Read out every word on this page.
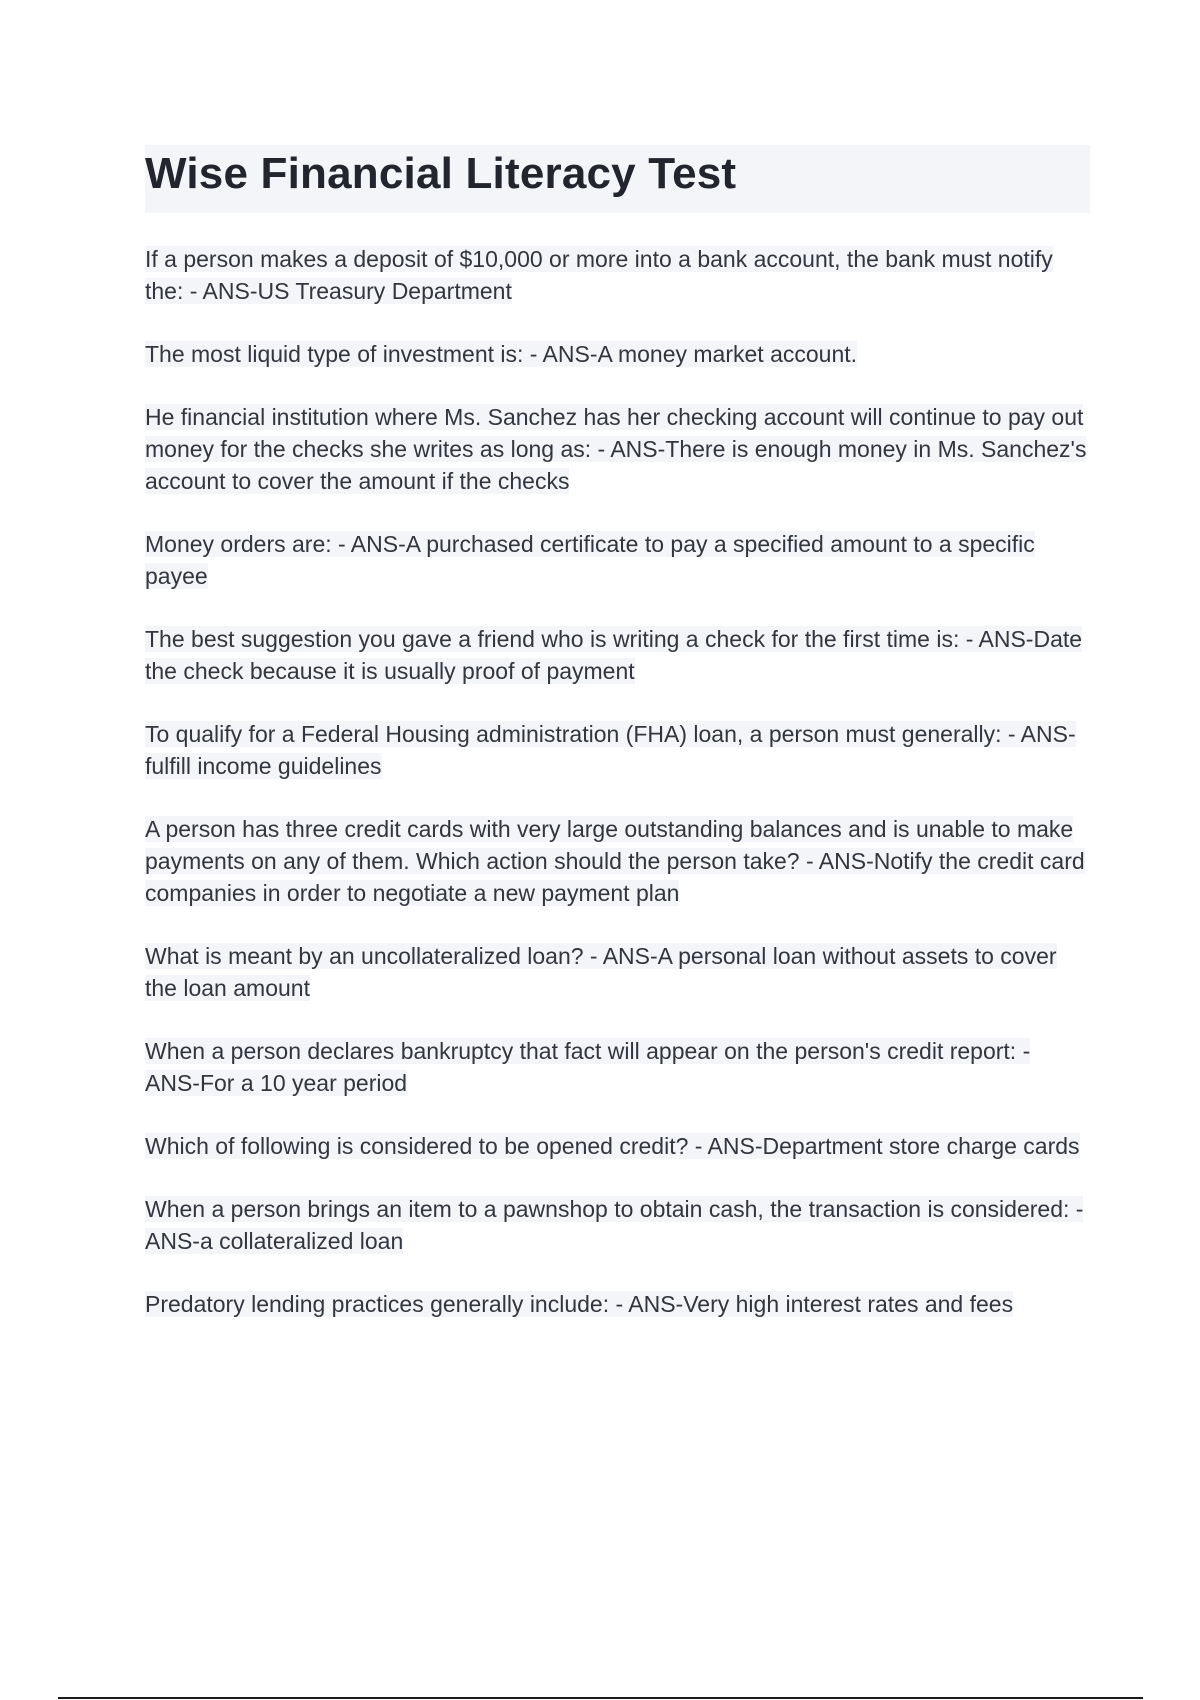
Wise Financial Literacy Test
If a person makes a deposit of $10,000 or more into a bank account, the bank must notify the: - ANS-US Treasury Department
The most liquid type of investment is: - ANS-A money market account.
He financial institution where Ms. Sanchez has her checking account will continue to pay out money for the checks she writes as long as: - ANS-There is enough money in Ms. Sanchez's account to cover the amount if the checks
Money orders are: - ANS-A purchased certificate to pay a specified amount to a specific payee
The best suggestion you gave a friend who is writing a check for the first time is: - ANS-Date the check because it is usually proof of payment
To qualify for a Federal Housing administration (FHA) loan, a person must generally: - ANS-fulfill income guidelines
A person has three credit cards with very large outstanding balances and is unable to make payments on any of them. Which action should the person take? - ANS-Notify the credit card companies in order to negotiate a new payment plan
What is meant by an uncollateralized loan? - ANS-A personal loan without assets to cover the loan amount
When a person declares bankruptcy that fact will appear on the person's credit report: - ANS-For a 10 year period
Which of following is considered to be opened credit? - ANS-Department store charge cards
When a person brings an item to a pawnshop to obtain cash, the transaction is considered: - ANS-a collateralized loan
Predatory lending practices generally include: - ANS-Very high interest rates and fees
